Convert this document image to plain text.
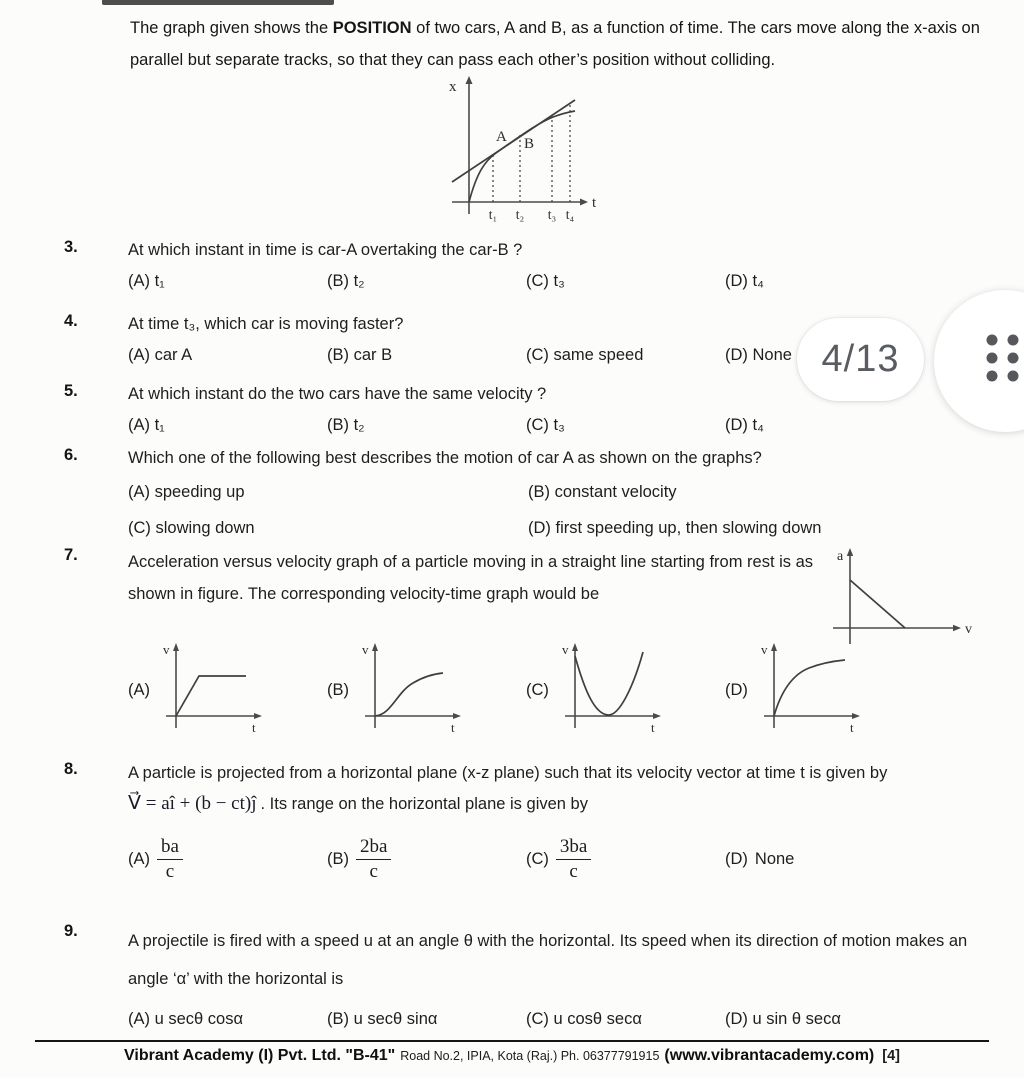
The graph given shows the POSITION of two cars, A and B, as a function of time. The cars move along the x-axis on parallel but separate tracks, so that they can pass each other’s position without colliding.
x
t
A B
t₁ t₂ t₃ t₄
3.	At which instant in time is car-A overtaking the car-B ?
(A) t₁	(B) t₂	(C) t₃	(D) t₄
4.	At time t₃, which car is moving faster?
(A) car A	(B) car B	(C) same speed	(D) None
5.	At which instant do the two cars have the same velocity ?
(A) t₁	(B) t₂	(C) t₃	(D) t₄
6.	Which one of the following best describes the motion of car A as shown on the graphs?
(A) speeding up	(B) constant velocity
(C) slowing down	(D) first speeding up, then slowing down
7.	Acceleration versus velocity graph of a particle moving in a straight line starting from rest is as shown in figure. The corresponding velocity-time graph would be
a
v
(A)
v
t
(B)
v
t
(C)
v
t
(D)
v
t
8.	A particle is projected from a horizontal plane (x-z plane) such that its velocity vector at time t is given by
V⃗ = aî + (b − ct)ĵ . Its range on the horizontal plane is given by
$(A) \frac{ba}{c}$	$(B) \frac{2ba}{c}$	$(C) \frac{3ba}{c}$	(D) None
9.
A projectile is fired with a speed u at an angle θ with the horizontal. Its speed when its direction of motion makes an angle ‘α’ with the horizontal is
(A) u secθ cosα	(B) u secθ sinα	(C) u cosθ secα	(D) u sin θ secα
4/13
Vibrant Academy (I) Pvt. Ltd. "B-41" Road No.2, IPIA, Kota (Raj.) Ph. 06377791915 (www.vibrantacademy.com) [4]
